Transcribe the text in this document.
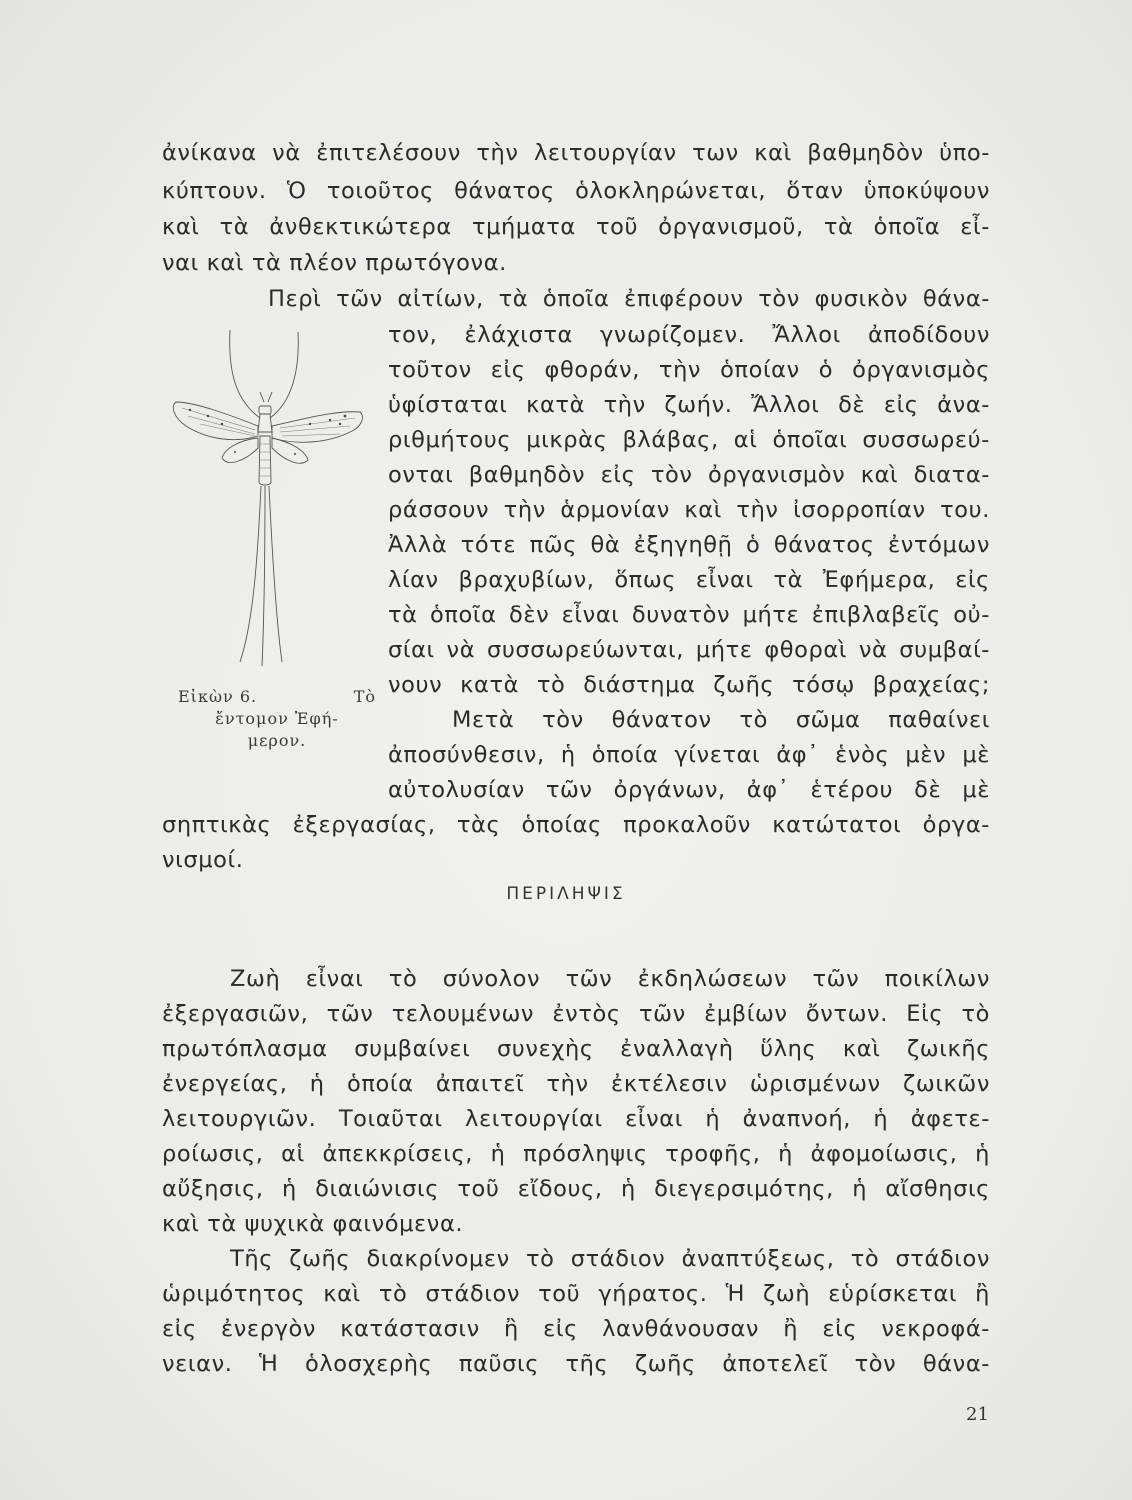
ἀνίκανα νὰ ἐπιτελέσουν τὴν λειτουργίαν των καὶ βαθμηδὸν ὑπο-
κύπτουν. Ὁ τοιοῦτος θάνατος ὁλοκληρώνεται, ὅταν ὑποκύψουν
καὶ τὰ ἀνθεκτικώτερα τμήματα τοῦ ὀργανισμοῦ, τὰ ὁποῖα εἶ-
ναι καὶ τὰ πλέον πρωτόγονα.
Περὶ τῶν αἰτίων, τὰ ὁποῖα ἐπιφέρουν τὸν φυσικὸν θάνα-
τον, ἐλάχιστα γνωρίζομεν. Ἄλλοι ἀποδίδουν
τοῦτον εἰς φθοράν, τὴν ὁποίαν ὁ ὀργανισμὸς
ὑφίσταται κατὰ τὴν ζωήν. Ἄλλοι δὲ εἰς ἀνα-
ριθμήτους μικρὰς βλάβας, αἱ ὁποῖαι συσσωρεύ-
ονται βαθμηδὸν εἰς τὸν ὀργανισμὸν καὶ διατα-
ράσσουν τὴν ἁρμονίαν καὶ τὴν ἰσορροπίαν του.
Ἀλλὰ τότε πῶς θὰ ἐξηγηθῇ ὁ θάνατος ἐντόμων
λίαν βραχυβίων, ὅπως εἶναι τὰ Ἐφήμερα, εἰς
τὰ ὁποῖα δὲν εἶναι δυνατὸν μήτε ἐπιβλαβεῖς οὐ-
σίαι νὰ συσσωρεύωνται, μήτε φθοραὶ νὰ συμβαί-
νουν κατὰ τὸ διάστημα ζωῆς τόσῳ βραχείας;
Μετὰ τὸν θάνατον τὸ σῶμα παθαίνει
ἀποσύνθεσιν, ἡ ὁποία γίνεται ἀφ᾽ ἑνὸς μὲν μὲ
αὐτολυσίαν τῶν ὀργάνων, ἀφ᾽ ἑτέρου δὲ μὲ
σηπτικὰς ἐξεργασίας, τὰς ὁποίας προκαλοῦν κατώτατοι ὀργα-
νισμοί.
Εἰκὼν 6.	Τὸ
ἔντομον Ἐφή-
μερον.
ΠΕΡΙΛΗΨΙΣ
Ζωὴ εἶναι τὸ σύνολον τῶν ἐκδηλώσεων τῶν ποικίλων
ἐξεργασιῶν, τῶν τελουμένων ἐντὸς τῶν ἐμβίων ὄντων. Εἰς τὸ
πρωτόπλασμα συμβαίνει συνεχὴς ἐναλλαγὴ ὕλης καὶ ζωικῆς
ἐνεργείας, ἡ ὁποία ἀπαιτεῖ τὴν ἐκτέλεσιν ὡρισμένων ζωικῶν
λειτουργιῶν. Τοιαῦται λειτουργίαι εἶναι ἡ ἀναπνοή, ἡ ἀφετε-
ροίωσις, αἱ ἀπεκκρίσεις, ἡ πρόσληψις τροφῆς, ἡ ἀφομοίωσις, ἡ
αὔξησις, ἡ διαιώνισις τοῦ εἴδους, ἡ διεγερσιμότης, ἡ αἴσθησις
καὶ τὰ ψυχικὰ φαινόμενα.
Τῆς ζωῆς διακρίνομεν τὸ στάδιον ἀναπτύξεως, τὸ στάδιον
ὡριμότητος καὶ τὸ στάδιον τοῦ γήρατος. Ἡ ζωὴ εὑρίσκεται ἢ
εἰς ἐνεργὸν κατάστασιν ἢ εἰς λανθάνουσαν ἢ εἰς νεκροφά-
νειαν. Ἡ ὁλοσχερὴς παῦσις τῆς ζωῆς ἀποτελεῖ τὸν θάνα-
21
